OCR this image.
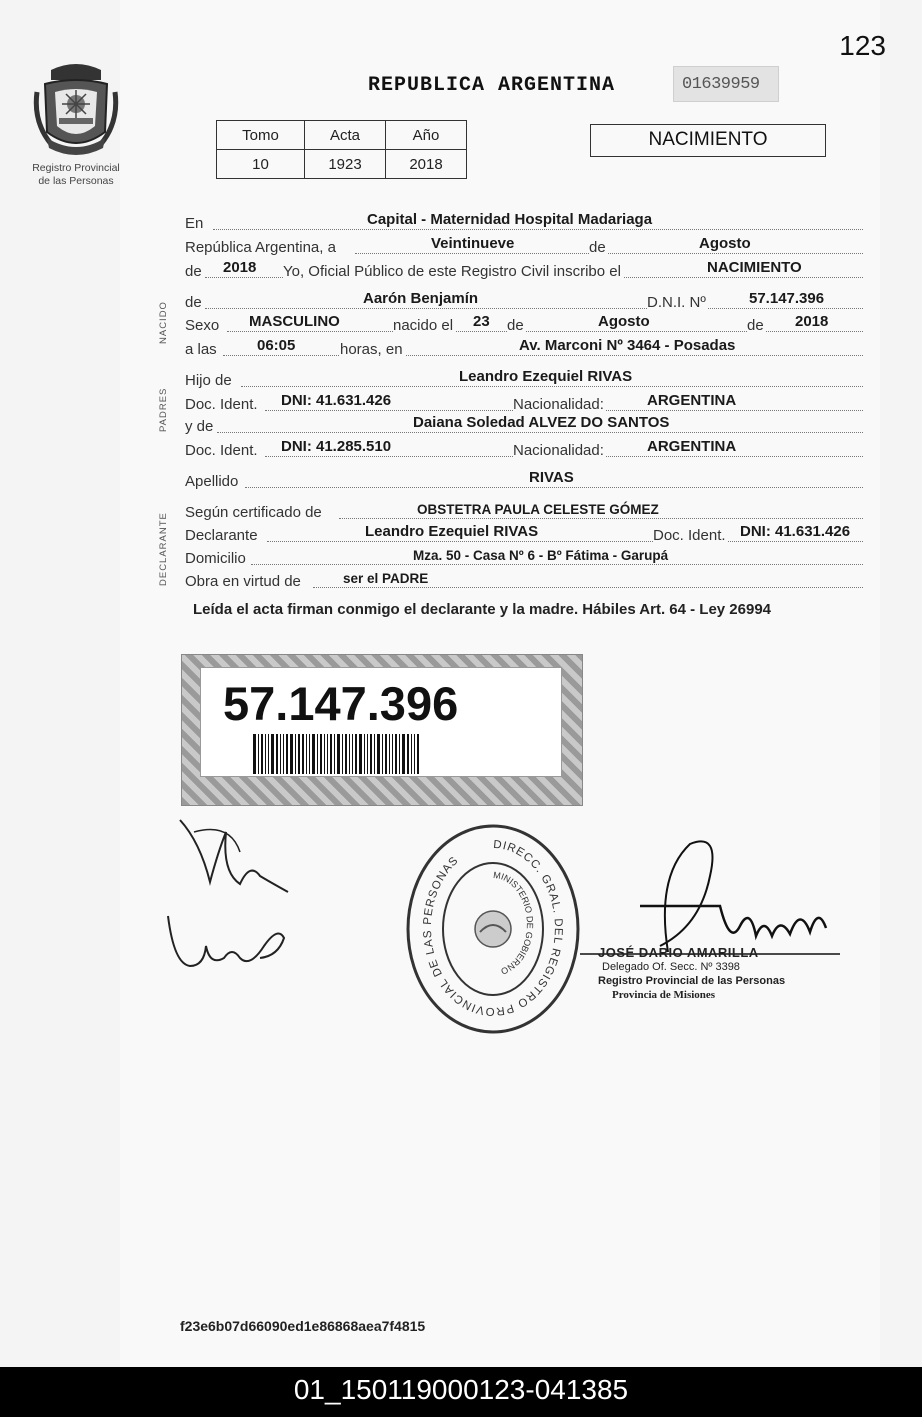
123
Registro Provincial
de las Personas
REPUBLICA ARGENTINA	01639959
Tomo	Acta	Año
10	1923	2018
NACIMIENTO
NACIDO
PADRES
DECLARANTE
En	Capital - Maternidad Hospital Madariaga
República Argentina, a	Veintinueve	de	Agosto
de 2018 Yo, Oficial Público de este Registro Civil inscribo el	NACIMIENTO
de	Aarón Benjamín	D.N.I. Nº	57.147.396
Sexo MASCULINO	nacido el 23 de	Agosto	de 2018
a las	06:05	horas, en	Av. Marconi Nº 3464 - Posadas
Hijo de	Leandro Ezequiel RIVAS
Doc. Ident. DNI: 41.631.426	Nacionalidad:	ARGENTINA
y de	Daiana Soledad ALVEZ DO SANTOS
Doc. Ident. DNI: 41.285.510	Nacionalidad:	ARGENTINA
Apellido	RIVAS
Según certificado de	OBSTETRA PAULA CELESTE GÓMEZ
Declarante	Leandro Ezequiel RIVAS	Doc. Ident. DNI: 41.631.426
Domicilio	Mza. 50 - Casa Nº 6 - Bº Fátima - Garupá
Obra en virtud de	ser el PADRE
Leída el acta firman conmigo el declarante y la madre. Hábiles Art. 64 - Ley 26994
57.147.396
DIRECC. GRAL. DEL REGISTRO PROVINCIAL DE LAS PERSONAS
MINISTERIO DE GOBIERNO
JOSÉ DARIO AMARILLA
Delegado Of. Secc. Nº 3398
Registro Provincial de las Personas
Provincia de Misiones
f23e6b07d66090ed1e86868aea7f4815
01_150119000123-041385
